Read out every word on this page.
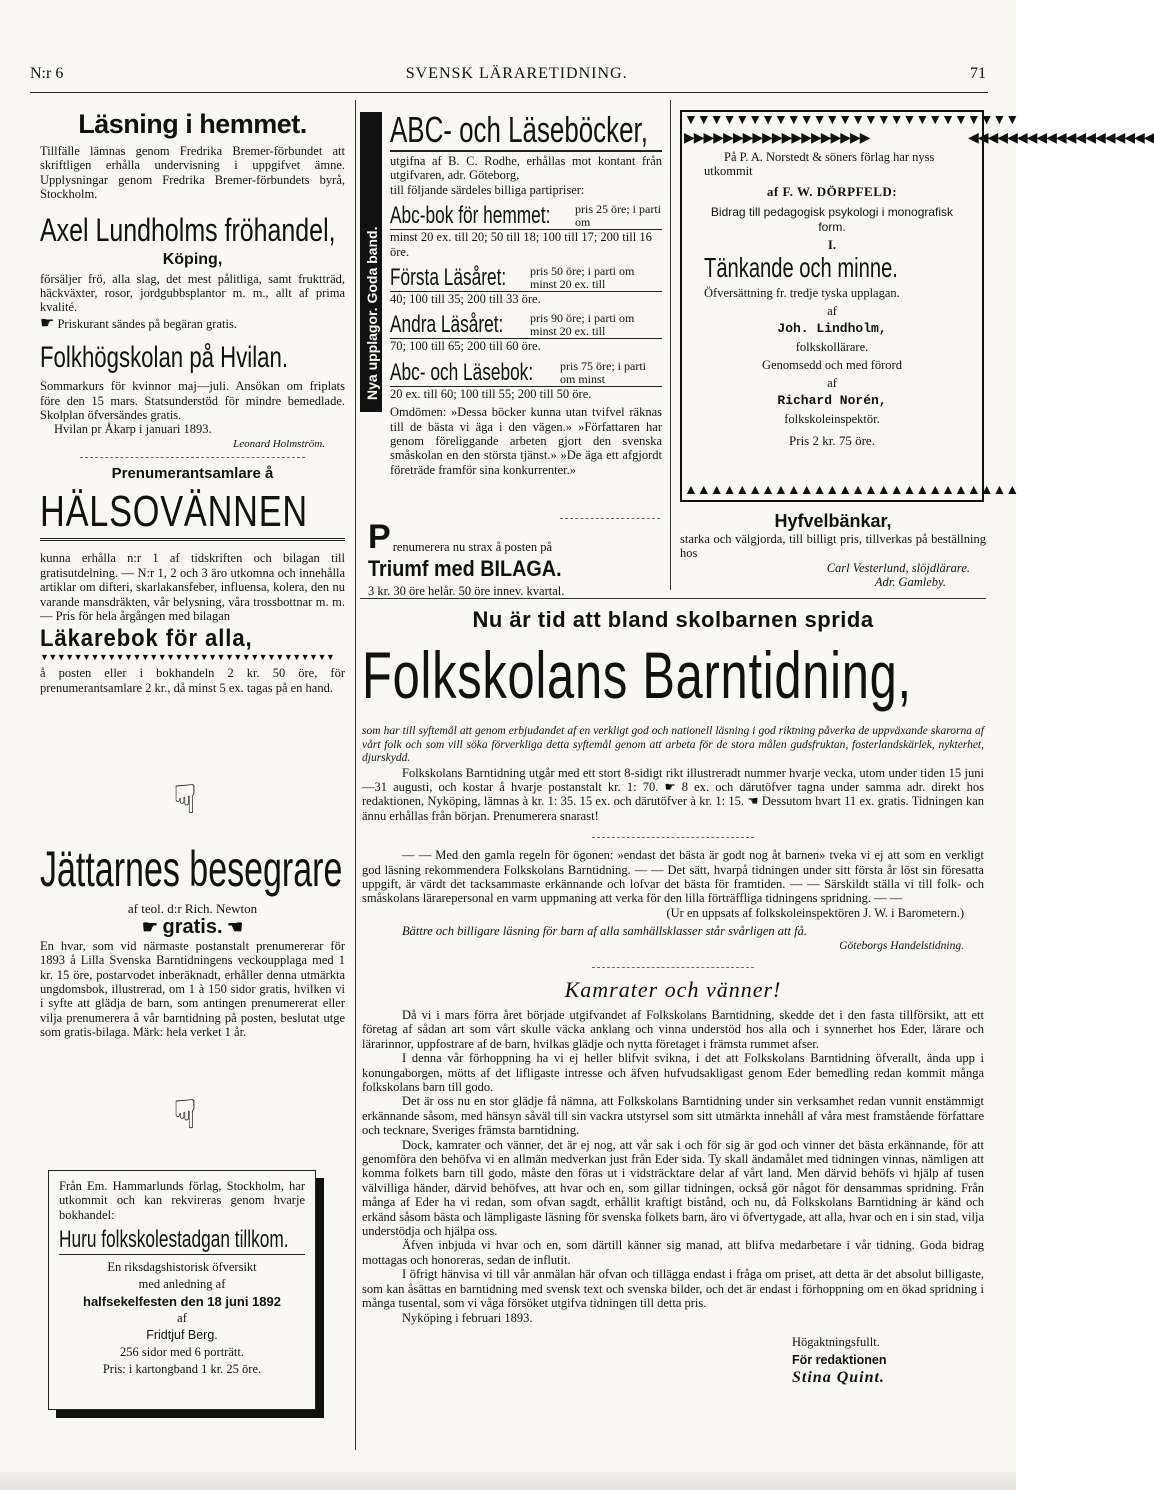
N:r 6	SVENSK LÄRARETIDNING.	71
Läsning i hemmet.

Tillfälle lämnas genom Fredrika Bremer-förbundet att skriftligen erhålla undervisning i uppgifvet ämne. Upplysningar genom Fredrika Bremer-förbundets byrå, Stockholm.

Axel Lundholms fröhandel,
Köping,

försäljer frö, alla slag, det mest pålitliga, samt fruktträd, häckväxter, rosor, jordgubbsplantor m. m., allt af prima kvalité.

☛ Priskurant sändes på begäran gratis.

Folkhögskolan på Hvilan.

Sommarkurs för kvinnor maj—juli. Ansökan om friplats före den 15 mars. Statsunderstöd för mindre bemedlade. Skolplan öfversändes gratis.

Hvilan pr Åkarp i januari 1893.

Leonard Holmström.

Prenumerantsamlare å
HÄLSOVÄNNEN

kunna erhålla n:r 1 af tidskriften och bilagan till gratisutdelning. — N:r 1, 2 och 3 äro utkomna och innehålla artiklar om difteri, skarlakansfeber, influensa, kolera, den nu varande mansdräkten, vår belysning, våra trossbottnar m. m. — Pris för hela årgången med bilagan

Läkarebok för alla,
▼▼▼▼▼▼▼▼▼▼▼▼▼▼▼▼▼▼▼▼▼▼▼▼▼▼▼▼▼▼▼▼▼▼▼

å posten eller i bokhandeln 2 kr. 50 öre, för prenumerantsamlare 2 kr., då minst 5 ex. tagas på en hand.

☟
Jättarnes besegrare
af teol. d:r Rich. Newton
☛ gratis. ☚

En hvar, som vid närmaste postanstalt prenumererar för 1893 å Lilla Svenska Barntidningens veckoupplaga med 1 kr. 15 öre, postarvodet inberäknadt, erhåller denna utmärkta ungdomsbok, illustrerad, om 1 à 150 sidor gratis, hvilken vi i syfte att glädja de barn, som antingen prenumererat eller vilja prenumerera å vår barntidning på posten, beslutat utge som gratis-bilaga. Märk: hela verket 1 år.

☟

Från Em. Hammarlunds förlag, Stockholm, har utkommit och kan rekvireras genom hvarje bokhandel:

Huru folkskolestadgan tillkom.
En riksdagshistorisk öfversikt
med anledning af
halfsekelfesten den 18 juni 1892
af
Fridtjuf Berg.
256 sidor med 6 porträtt.
Pris: i kartongband 1 kr. 25 öre.
Nya upplagor. Goda band.
ABC- och Läseböcker,

utgifna af B. C. Rodhe, erhållas mot kontant från utgifvaren, adr. Göteborg,

till följande särdeles billiga partipriser:

Abc-bok för hemmet:	pris 25 öre; i parti om

minst 20 ex. till 20; 50 till 18; 100 till 17; 200 till 16 öre.

Första Läsåret:	pris 50 öre; i parti om minst 20 ex. till

40; 100 till 35; 200 till 33 öre.

Andra Läsåret:	pris 90 öre; i parti om minst 20 ex. till

70; 100 till 65; 200 till 60 öre.

Abc- och Läsebok:	pris 75 öre; i parti om minst

20 ex. till 60; 100 till 55; 200 till 50 öre.

Omdömen: »Dessa böcker kunna utan tvifvel räknas till de bästa vi äga i den vägen.» »Författaren har genom föreliggande arbeten gjort den svenska småskolan en den största tjänst.» »De äga ett afgjordt företräde framför sina konkurrenter.»

P renumerera nu strax å posten på
Triumf med BILAGA.

3 kr. 30 öre helår. 50 öre innev. kvartal.

▼▼▼▼▼▼▼▼▼▼▼▼▼▼▼▼▼▼▼▼▼▼▼▼▼▼
▲▲▲▲▲▲▲▲▲▲▲▲▲▲▲▲▲▲▲▲▲▲▲▲▲▲
▶▶▶▶▶▶▶▶▶▶▶▶▶▶▶▶▶▶▶	◀◀◀◀◀◀◀◀◀◀◀◀◀◀◀◀◀◀◀

På P. A. Norstedt & söners förlag har nyss utkommit

af F. W. DÖRPFELD:
Bidrag till pedagogisk psykologi i monografisk form.
I.
Tänkande och minne.
Öfversättning fr. tredje tyska upplagan.
af
Joh. Lindholm,
folkskollärare.
Genomsedd och med förord
af
Richard Norén,
folkskoleinspektör.
Pris 2 kr. 75 öre.
Hyfvelbänkar,

starka och välgjorda, till billigt pris, tillverkas på beställning hos

Carl Vesterlund, slöjdlärare.

Adr. Gamleby.

Nu är tid att bland skolbarnen sprida
Folkskolans Barntidning,

som har till syftemål att genom erbjudandet af en verkligt god och nationell läsning i god riktning påverka de uppväxande skarorna af vårt folk och som vill söka förverkliga detta syftemål genom att arbeta för de stora målen gudsfruktan, fosterlandskärlek, nykterhet, djurskydd.

Folkskolans Barntidning utgår med ett stort 8-sidigt rikt illustreradt nummer hvarje vecka, utom under tiden 15 juni—31 augusti, och kostar å hvarje postanstalt kr. 1: 70. ☛ 8 ex. och därutöfver tagna under samma adr. direkt hos redaktionen, Nyköping, lämnas à kr. 1: 35. 15 ex. och därutöfver à kr. 1: 15. ☚ Dessutom hvart 11 ex. gratis. Tidningen kan ännu erhållas från början. Prenumerera snarast!

— — Med den gamla regeln för ögonen: »endast det bästa är godt nog åt barnen» tveka vi ej att som en verkligt god läsning rekommendera Folkskolans Barntidning. — — Det sätt, hvarpå tidningen under sitt första år löst sin föresatta uppgift, är värdt det tacksammaste erkännande och lofvar det bästa för framtiden. — — Särskildt ställa vi till folk- och småskolans lärarepersonal en varm uppmaning att verka för den lilla förträffliga tidningens spridning. — —

(Ur en uppsats af folkskoleinspektören J. W. i Barometern.)

Bättre och billigare läsning för barn af alla samhällsklasser står svårligen att få.

Göteborgs Handelstidning.

Kamrater och vänner!

Då vi i mars förra året började utgifvandet af Folkskolans Barntidning, skedde det i den fasta tillförsikt, att ett företag af sådan art som vårt skulle väcka anklang och vinna understöd hos alla och i synnerhet hos Eder, lärare och lärarinnor, uppfostrare af de barn, hvilkas glädje och nytta företaget i främsta rummet afser.

I denna vår förhoppning ha vi ej heller blifvit svikna, i det att Folkskolans Barntidning öfverallt, ända upp i konungaborgen, mötts af det lifligaste intresse och äfven hufvudsakligast genom Eder bemedling redan kommit många folkskolans barn till godo.

Det är oss nu en stor glädje få nämna, att Folkskolans Barntidning under sin verksamhet redan vunnit enstämmigt erkännande såsom, med hänsyn såväl till sin vackra utstyrsel som sitt utmärkta innehåll af våra mest framstående författare och tecknare, Sveriges främsta barntidning.

Dock, kamrater och vänner, det är ej nog, att vår sak i och för sig är god och vinner det bästa erkännande, för att genomföra den behöfva vi en allmän medverkan just från Eder sida. Ty skall ändamålet med tidningen vinnas, nämligen att komma folkets barn till godo, måste den föras ut i vidsträcktare delar af vårt land. Men därvid behöfs vi hjälp af tusen välvilliga händer, därvid behöfves, att hvar och en, som gillar tidningen, också gör något för densammas spridning. Från många af Eder ha vi redan, som ofvan sagdt, erhållit kraftigt bistånd, och nu, då Folkskolans Barntidning är känd och erkänd såsom bästa och lämpligaste läsning för svenska folkets barn, äro vi öfvertygade, att alla, hvar och en i sin stad, vilja understödja och hjälpa oss.

Äfven inbjuda vi hvar och en, som därtill känner sig manad, att blifva medarbetare i vår tidning. Goda bidrag mottagas och honoreras, sedan de influtit.

I öfrigt hänvisa vi till vår anmälan här ofvan och tillägga endast i fråga om priset, att detta är det absolut billigaste, som kan åsättas en barntidning med svensk text och svenska bilder, och det är endast i förhoppning om en ökad spridning i många tusental, som vi våga försöket utgifva tidningen till detta pris.

Nyköping i februari 1893.

Högaktningsfullt.
För redaktionen
Stina Quint.
